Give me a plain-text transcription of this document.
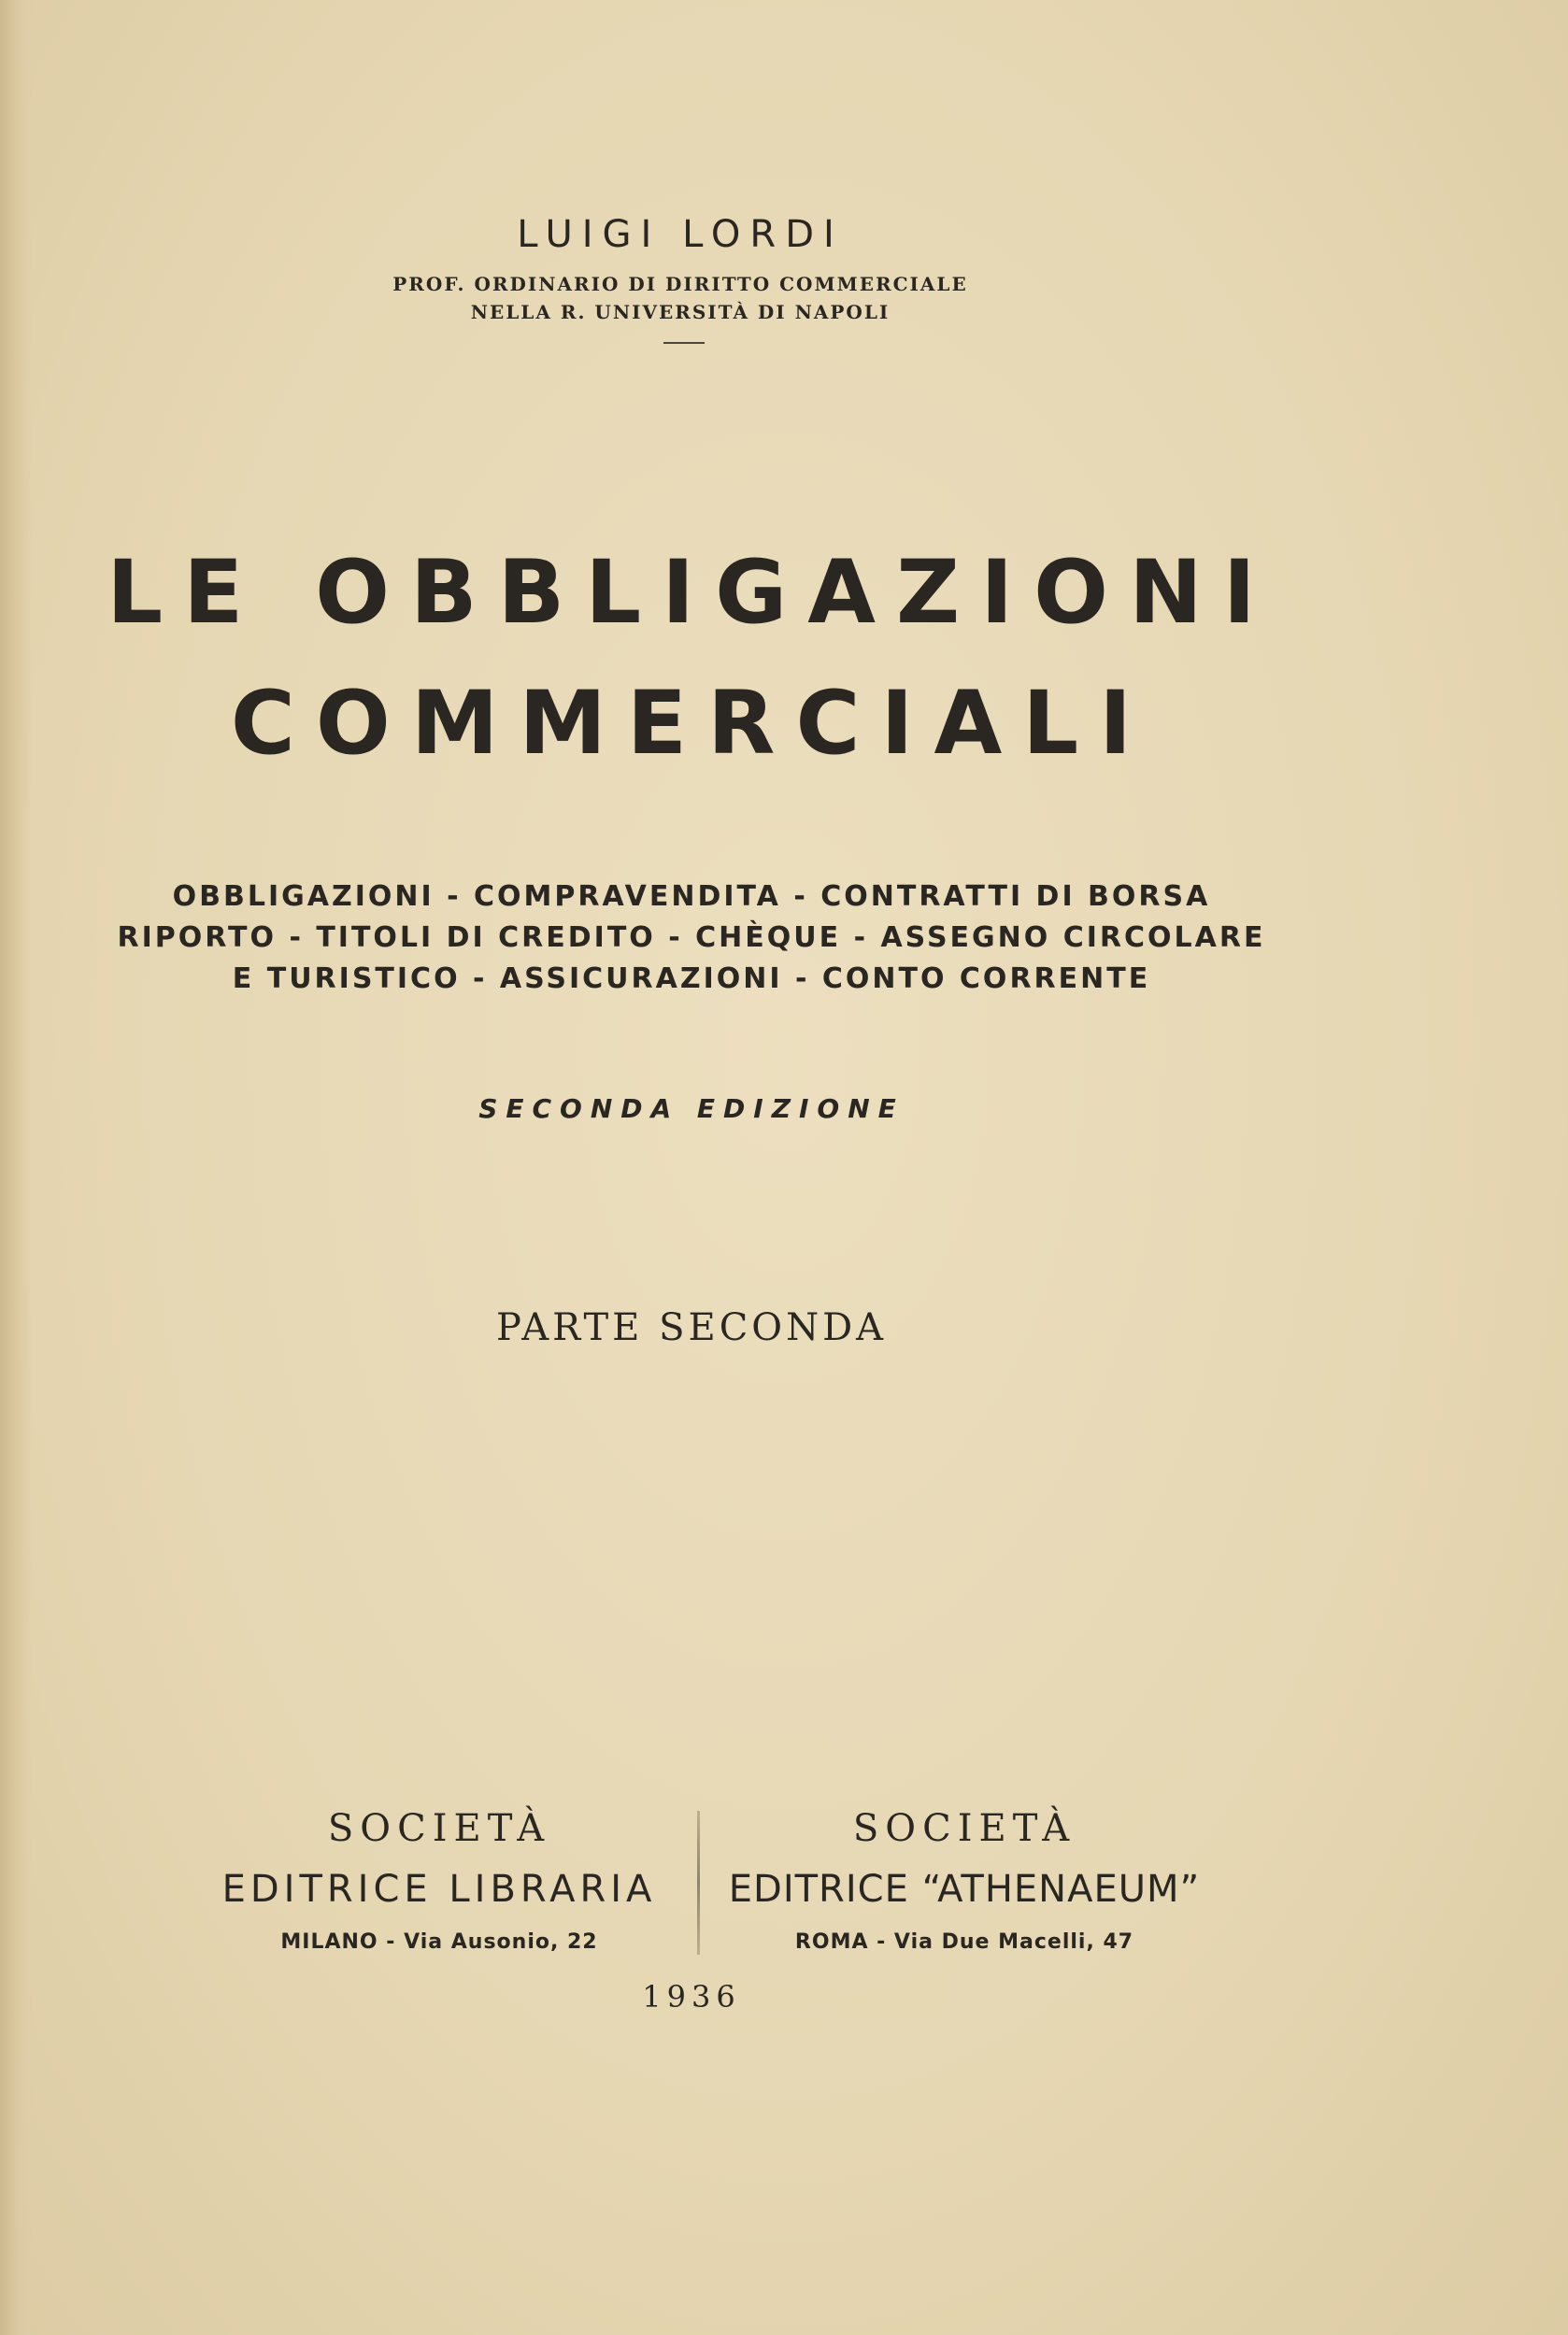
LUIGI LORDI
PROF. ORDINARIO DI DIRITTO COMMERCIALE
NELLA R. UNIVERSITÀ DI NAPOLI
LE OBBLIGAZIONI
COMMERCIALI
OBBLIGAZIONI - COMPRAVENDITA - CONTRATTI DI BORSA
RIPORTO - TITOLI DI CREDITO - CHÈQUE - ASSEGNO CIRCOLARE
E TURISTICO - ASSICURAZIONI - CONTO CORRENTE
SECONDA EDIZIONE
PARTE SECONDA
SOCIETÀ
EDITRICE LIBRARIA
MILANO - Via Ausonio, 22
SOCIETÀ
EDITRICE “ATHENAEUM”
ROMA - Via Due Macelli, 47
1936
